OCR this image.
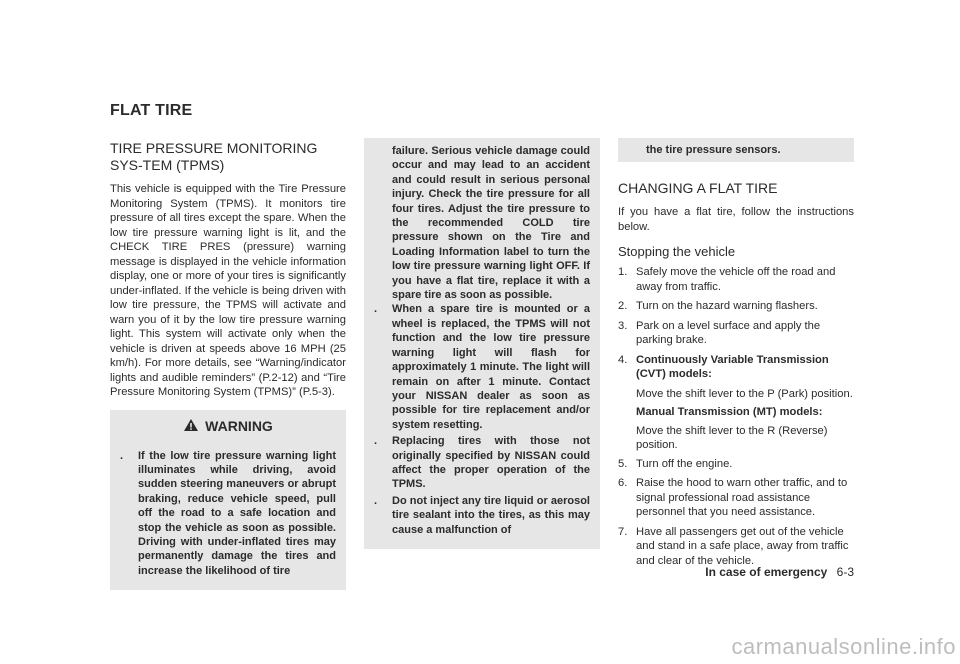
FLAT TIRE
TIRE PRESSURE MONITORING SYS-TEM (TPMS)

This vehicle is equipped with the Tire Pressure Monitoring System (TPMS). It monitors tire pressure of all tires except the spare. When the low tire pressure warning light is lit, and the CHECK TIRE PRES (pressure) warning message is displayed in the vehicle information display, one or more of your tires is significantly under-inflated. If the vehicle is being driven with low tire pressure, the TPMS will activate and warn you of it by the low tire pressure warning light. This system will activate only when the vehicle is driven at speeds above 16 MPH (25 km/h). For more details, see “Warning/indicator lights and audible reminders” (P.2-12) and “Tire Pressure Monitoring System (TPMS)” (P.5-3).

WARNING
.	If the low tire pressure warning light illuminates while driving, avoid sudden steering maneuvers or abrupt braking, reduce vehicle speed, pull off the road to a safe location and stop the vehicle as soon as possible. Driving with under-inflated tires may permanently damage the tires and increase the likelihood of tire
failure. Serious vehicle damage could occur and may lead to an accident and could result in serious personal injury. Check the tire pressure for all four tires. Adjust the tire pressure to the recommended COLD tire pressure shown on the Tire and Loading Information label to turn the low tire pressure warning light OFF. If you have a flat tire, replace it with a spare tire as soon as possible.
.	When a spare tire is mounted or a wheel is replaced, the TPMS will not function and the low tire pressure warning light will flash for approximately 1 minute. The light will remain on after 1 minute. Contact your NISSAN dealer as soon as possible for tire replacement and/or system resetting.
.	Replacing tires with those not originally specified by NISSAN could affect the proper operation of the TPMS.
.	Do not inject any tire liquid or aerosol tire sealant into the tires, as this may cause a malfunction of
the tire pressure sensors.
CHANGING A FLAT TIRE

If you have a flat tire, follow the instructions below.

Stopping the vehicle
1. Safely move the vehicle off the road and away from traffic.
2. Turn on the hazard warning flashers.
3. Park on a level surface and apply the parking brake.
4. Continuously Variable Transmission (CVT) models:
Move the shift lever to the P (Park) position.
Manual Transmission (MT) models:
Move the shift lever to the R (Reverse) position.
5. Turn off the engine.
6. Raise the hood to warn other traffic, and to signal professional road assistance personnel that you need assistance.
7. Have all passengers get out of the vehicle and stand in a safe place, away from traffic and clear of the vehicle.
In case of emergency 6-3
carmanualsonline.info
